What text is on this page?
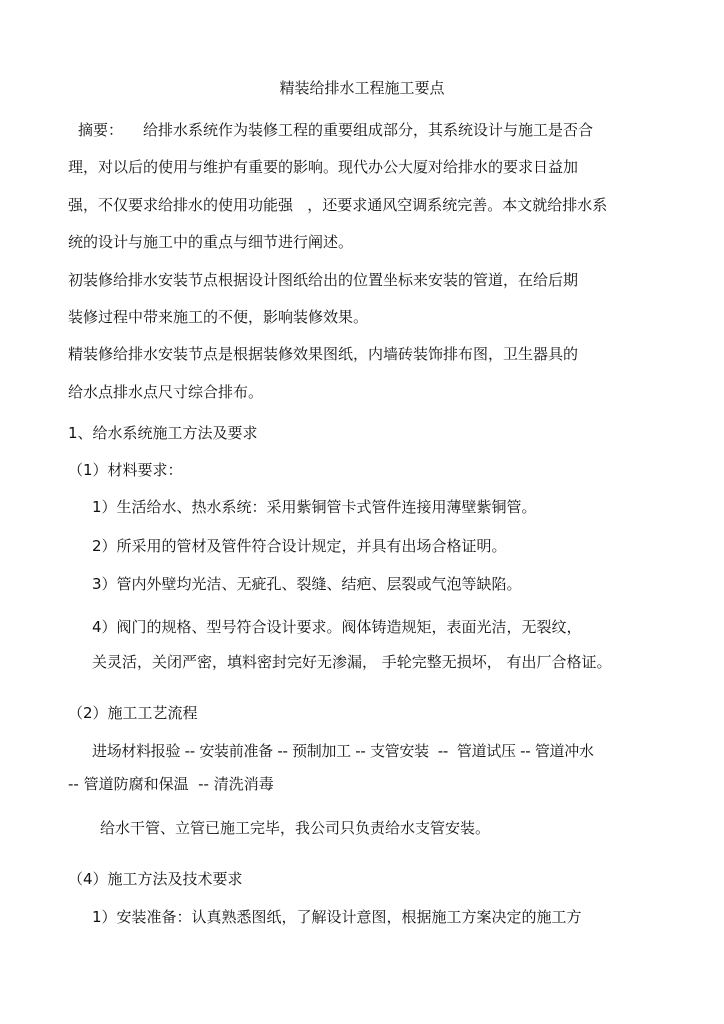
精装给排水工程施工要点
摘要： 给排水系统作为装修工程的重要组成部分，其系统设计与施工是否合
理，对以后的使用与维护有重要的影响。现代办公大厦对给排水的要求日益加
强，不仅要求给排水的使用功能强   ，还要求通风空调系统完善。本文就给排水系
统的设计与施工中的重点与细节进行阐述。
初装修给排水安装节点根据设计图纸给出的位置坐标来安装的管道，在给后期
装修过程中带来施工的不便，影响装修效果。
精装修给排水安装节点是根据装修效果图纸，内墙砖装饰排布图，卫生器具的
给水点排水点尺寸综合排布。
1、给水系统施工方法及要求
（1）材料要求：
1）生活给水、热水系统：采用紫铜管卡式管件连接用薄壁紫铜管。
2）所采用的管材及管件符合设计规定，并具有出场合格证明。
3）管内外壁均光洁、无疵孔、裂缝、结疤、层裂或气泡等缺陷。
4）阀门的规格、型号符合设计要求。阀体铸造规矩，表面光洁，无裂纹，
关灵活，关闭严密，填料密封完好无渗漏， 手轮完整无损坏， 有出厂合格证。
（2）施工工艺流程
进场材料报验 -- 安装前准备 -- 预制加工 -- 支管安装  --  管道试压 -- 管道冲水
-- 管道防腐和保温  -- 清洗消毒
给水干管、立管已施工完毕，我公司只负责给水支管安装。
（4）施工方法及技术要求
1）安装准备：认真熟悉图纸，了解设计意图，根据施工方案决定的施工方
